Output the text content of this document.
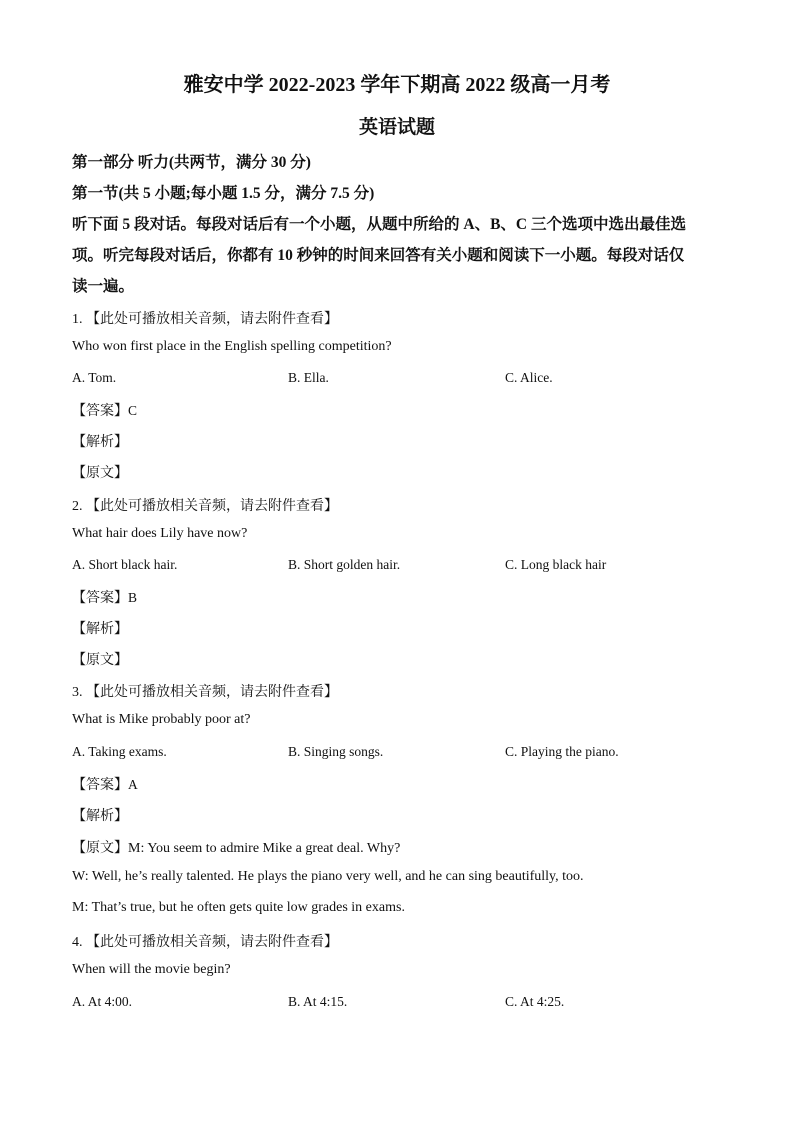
雅安中学 2022-2023 学年下期高 2022 级高一月考
英语试题
第一部分 听力(共两节，满分 30 分)
第一节(共 5 小题;每小题 1.5 分，满分 7.5 分)
听下面 5 段对话。每段对话后有一个小题，从题中所给的 A、B、C 三个选项中选出最佳选
项。听完每段对话后，你都有 10 秒钟的时间来回答有关小题和阅读下一小题。每段对话仅
读一遍。
1. 【此处可播放相关音频，请去附件查看】
Who won first place in the English spelling competition?
A. Tom.	B. Ella.	C. Alice.
【答案】C
【解析】
【原文】
2. 【此处可播放相关音频，请去附件查看】
What hair does Lily have now?
A. Short black hair.	B. Short golden hair.	C. Long black hair
【答案】B
【解析】
【原文】
3. 【此处可播放相关音频，请去附件查看】
What is Mike probably poor at?
A. Taking exams.	B. Singing songs.	C. Playing the piano.
【答案】A
【解析】
【原文】M: You seem to admire Mike a great deal. Why?
W: Well, he’s really talented. He plays the piano very well, and he can sing beautifully, too.
M: That’s true, but he often gets quite low grades in exams.
4. 【此处可播放相关音频，请去附件查看】
When will the movie begin?
A. At 4:00.	B. At 4:15.	C. At 4:25.
